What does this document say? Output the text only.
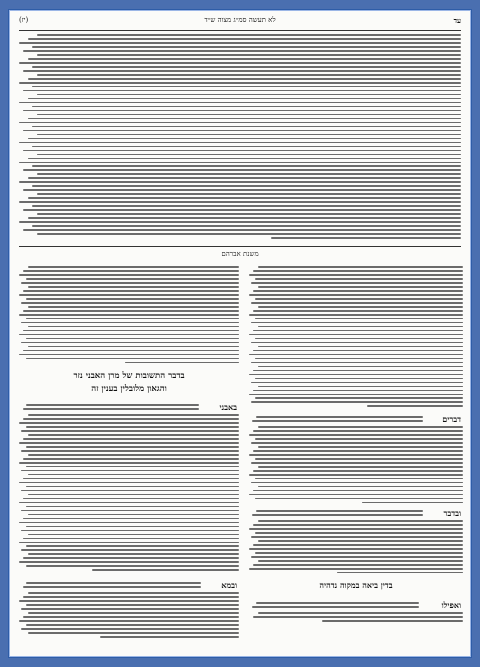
(יז)	לא תעשה סמ״ג מצוה ש״ד	עד
משנת אברהם
דברים
ובדבר
בדין ביאה במקוה נדהיה
ואפילו
בדבר התשובות של מרן האבני נזר
והגאון מלובלין בענין זה
באבני
ובמא
